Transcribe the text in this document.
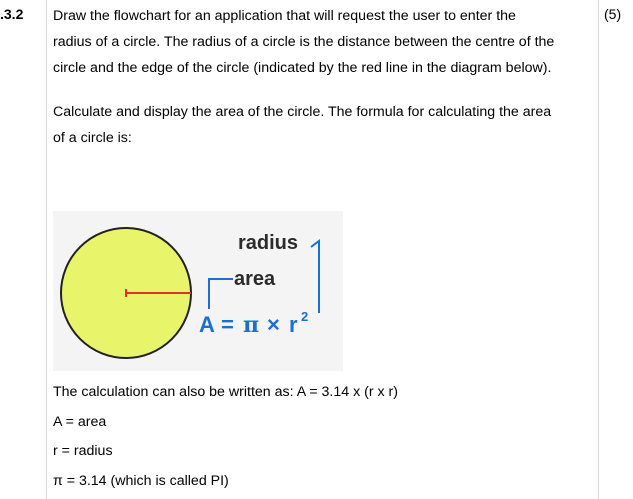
.3.2	(5)
Draw the flowchart for an application that will request the user to enter the
radius of a circle. The radius of a circle is the distance between the centre of the
circle and the edge of the circle (indicated by the red line in the diagram below).
Calculate and display the area of the circle. The formula for calculating the area
of a circle is:
radius
area
A = π × r 2
The calculation can also be written as: A = 3.14 x (r x r)
A = area
r = radius
π = 3.14 (which is called PI)
